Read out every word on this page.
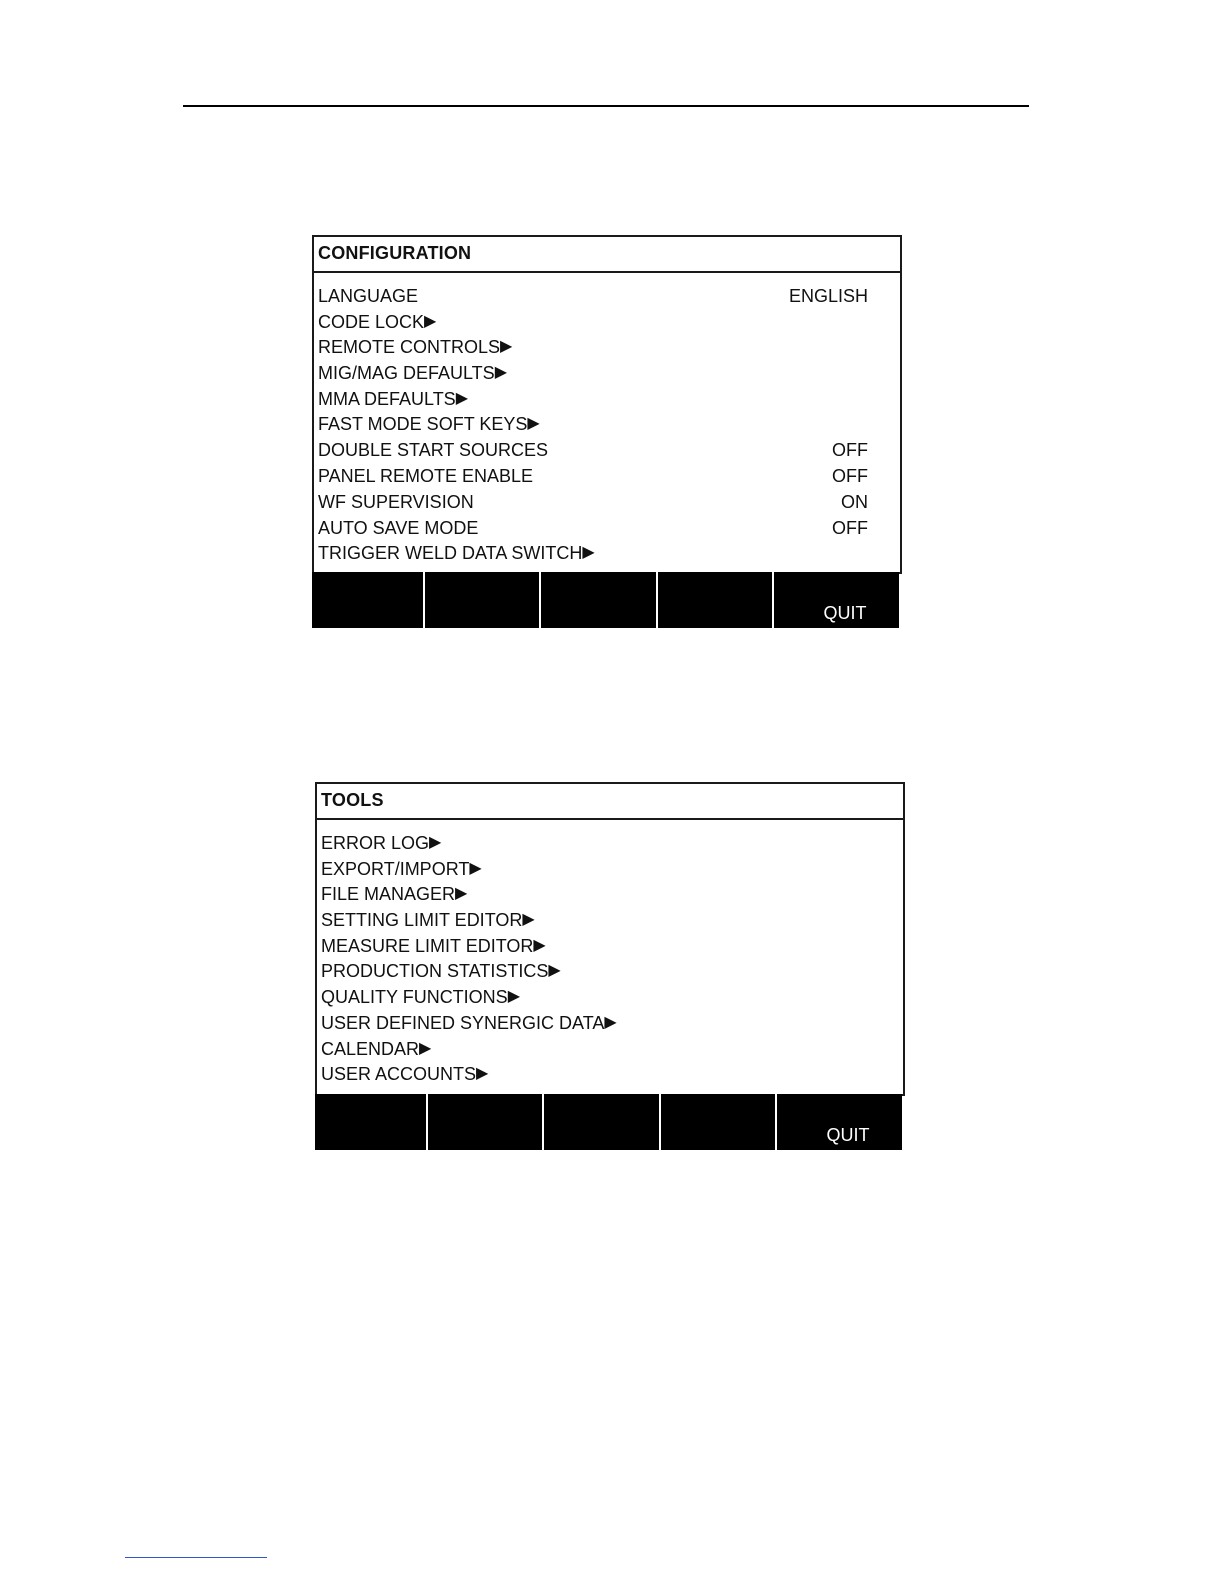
CONFIGURATION
LANGUAGE	ENGLISH
CODE LOCK▶
REMOTE CONTROLS▶
MIG/MAG DEFAULTS▶
MMA DEFAULTS▶
FAST MODE SOFT KEYS▶
DOUBLE START SOURCES	OFF
PANEL REMOTE ENABLE	OFF
WF SUPERVISION	ON
AUTO SAVE MODE	OFF
TRIGGER WELD DATA SWITCH▶
QUIT
TOOLS
ERROR LOG▶
EXPORT/IMPORT▶
FILE MANAGER▶
SETTING LIMIT EDITOR▶
MEASURE LIMIT EDITOR▶
PRODUCTION STATISTICS▶
QUALITY FUNCTIONS▶
USER DEFINED SYNERGIC DATA▶
CALENDAR▶
USER ACCOUNTS▶
QUIT
